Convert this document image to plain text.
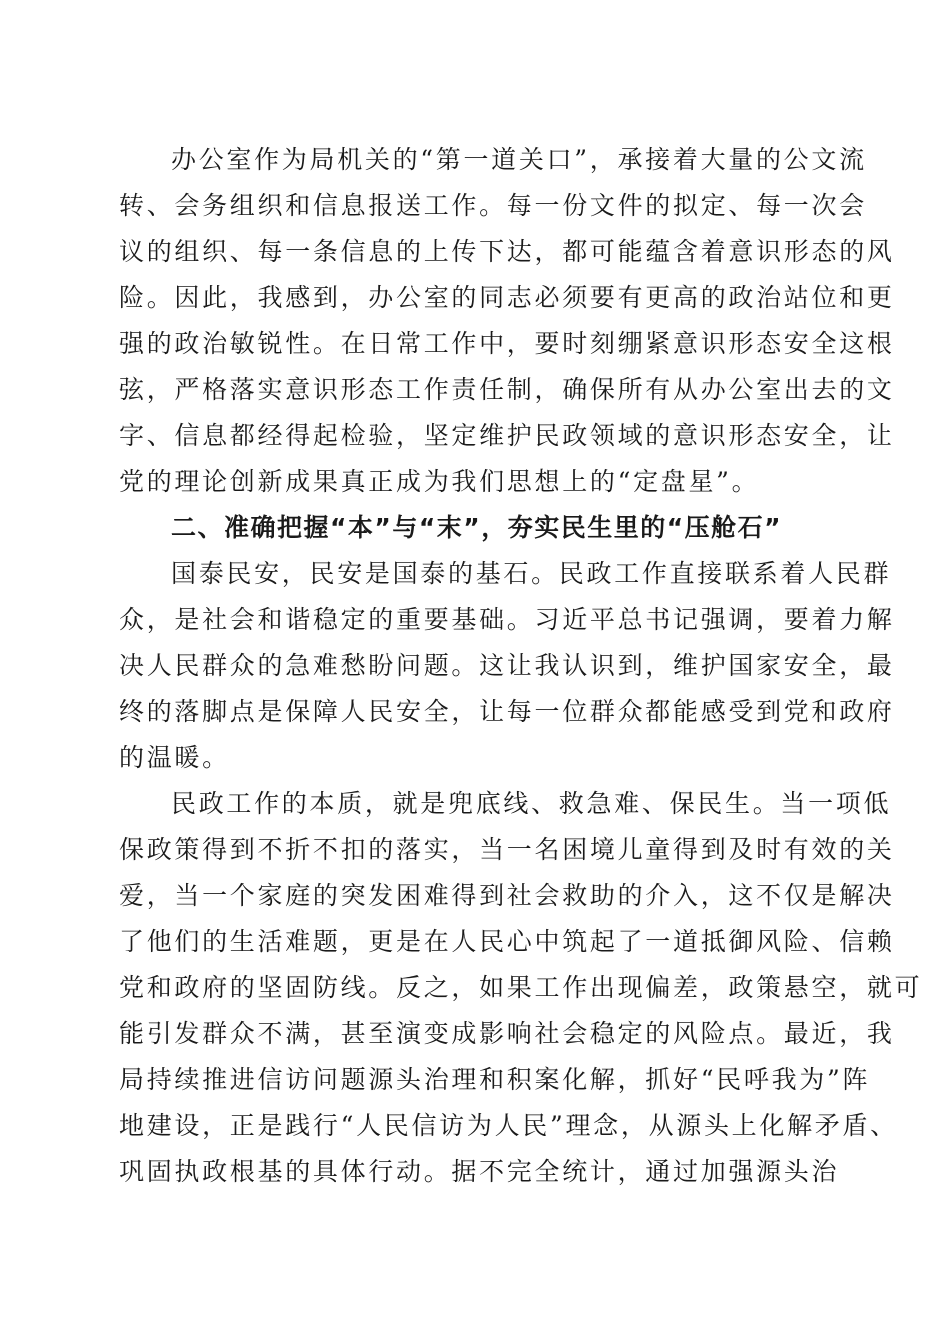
办公室作为局机关的“第一道关口”，承接着大量的公文流
转、会务组织和信息报送工作。每一份文件的拟定、每一次会
议的组织、每一条信息的上传下达，都可能蕴含着意识形态的风
险。因此，我感到，办公室的同志必须要有更高的政治站位和更
强的政治敏锐性。在日常工作中，要时刻绷紧意识形态安全这根
弦，严格落实意识形态工作责任制，确保所有从办公室出去的文
字、信息都经得起检验，坚定维护民政领域的意识形态安全，让
党的理论创新成果真正成为我们思想上的“定盘星”。
二、准确把握“本”与“末”，夯实民生里的“压舱石”
国泰民安，民安是国泰的基石。民政工作直接联系着人民群
众，是社会和谐稳定的重要基础。习近平总书记强调，要着力解
决人民群众的急难愁盼问题。这让我认识到，维护国家安全，最
终的落脚点是保障人民安全，让每一位群众都能感受到党和政府
的温暖。
民政工作的本质，就是兜底线、救急难、保民生。当一项低
保政策得到不折不扣的落实，当一名困境儿童得到及时有效的关
爱，当一个家庭的突发困难得到社会救助的介入，这不仅是解决
了他们的生活难题，更是在人民心中筑起了一道抵御风险、信赖
党和政府的坚固防线。反之，如果工作出现偏差，政策悬空，就可
能引发群众不满，甚至演变成影响社会稳定的风险点。最近，我
局持续推进信访问题源头治理和积案化解，抓好“民呼我为”阵
地建设，正是践行“人民信访为人民”理念，从源头上化解矛盾、
巩固执政根基的具体行动。据不完全统计，通过加强源头治
